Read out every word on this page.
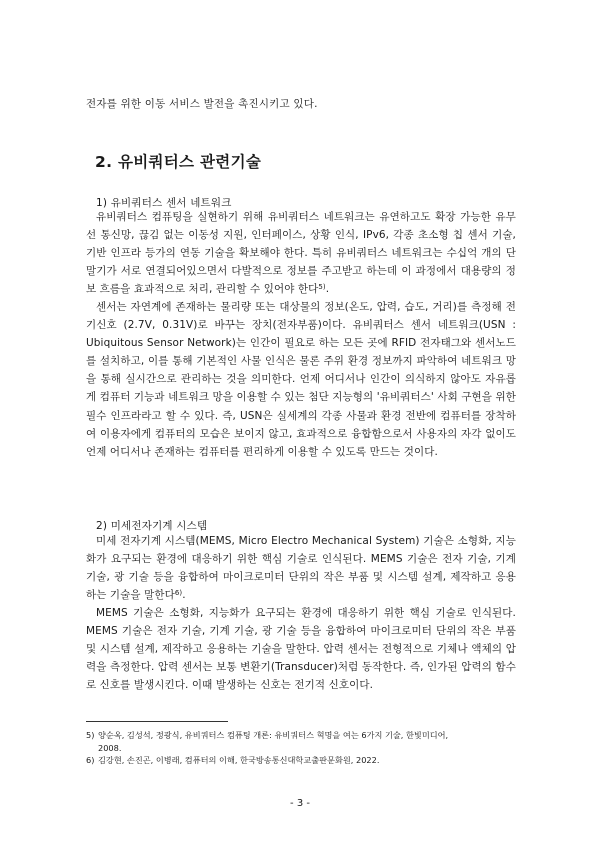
전자를 위한 이동 서비스 발전을 촉진시키고 있다.
2. 유비쿼터스 관련기술
1) 유비쿼터스 센서 네트워크

유비쿼터스 컴퓨팅을 실현하기 위해 유비쿼터스 네트워크는 유연하고도 확장 가능한 유무선 통신망, 끊김 없는 이동성 지원, 인터페이스, 상황 인식, IPv6, 각종 초소형 칩 센서 기술, 기반 인프라 등가의 연동 기술을 확보해야 한다. 특히 유비쿼터스 네트워크는 수십억 개의 단말기가 서로 연결되어있으면서 다발적으로 정보를 주고받고 하는데 이 과정에서 대용량의 정보 흐름을 효과적으로 처리, 관리할 수 있어야 한다$^{5)}$.

센서는 자연계에 존재하는 물리량 또는 대상물의 정보(온도, 압력, 습도, 거리)를 측정해 전기신호 (2.7V, 0.31V)로 바꾸는 장치(전자부품)이다. 유비쿼터스 센서 네트워크(USN : Ubiquitous Sensor Network)는 인간이 필요로 하는 모든 곳에 RFID 전자태그와 센서노드를 설치하고, 이를 통해 기본적인 사물 인식은 물론 주위 환경 정보까지 파악하여 네트워크 망을 통해 실시간으로 관리하는 것을 의미한다. 언제 어디서나 인간이 의식하지 않아도 자유롭게 컴퓨터 기능과 네트워크 망을 이용할 수 있는 첨단 지능형의 '유비쿼터스' 사회 구현을 위한 필수 인프라라고 할 수 있다. 즉, USN은 실세계의 각종 사물과 환경 전반에 컴퓨터를 장착하여 이용자에게 컴퓨터의 모습은 보이지 않고, 효과적으로 융합함으로서 사용자의 자각 없이도 언제 어디서나 존재하는 컴퓨터를 편리하게 이용할 수 있도록 만드는 것이다.

2) 미세전자기계 시스템

미세 전자기계 시스템(MEMS, Micro Electro Mechanical System) 기술은 소형화, 지능화가 요구되는 환경에 대응하기 위한 핵심 기술로 인식된다. MEMS 기술은 전자 기술, 기계 기술, 광 기술 등을 융합하여 마이크로미터 단위의 작은 부품 및 시스템 설계, 제작하고 응용하는 기술을 말한다$^{6)}$.

MEMS 기술은 소형화, 지능화가 요구되는 환경에 대응하기 위한 핵심 기술로 인식된다. MEMS 기술은 전자 기술, 기계 기술, 광 기술 등을 융합하여 마이크로미터 단위의 작은 부품 및 시스템 설계, 제작하고 응용하는 기술을 말한다. 압력 센서는 전형적으로 기체나 액체의 압력을 측정한다. 압력 센서는 보통 변환기(Transducer)처럼 동작한다. 즉, 인가된 압력의 함수로 신호를 발생시킨다. 이때 발생하는 신호는 전기적 신호이다.

5) 양순옥, 김성석, 정광식, 유비쿼터스 컴퓨팅 개론: 유비쿼터스 혁명을 여는 6가지 기술, 한빛미디어,
2008.

6) 김강현, 손진곤, 이병래, 컴퓨터의 이해, 한국방송통신대학교출판문화원, 2022.

- 3 -
